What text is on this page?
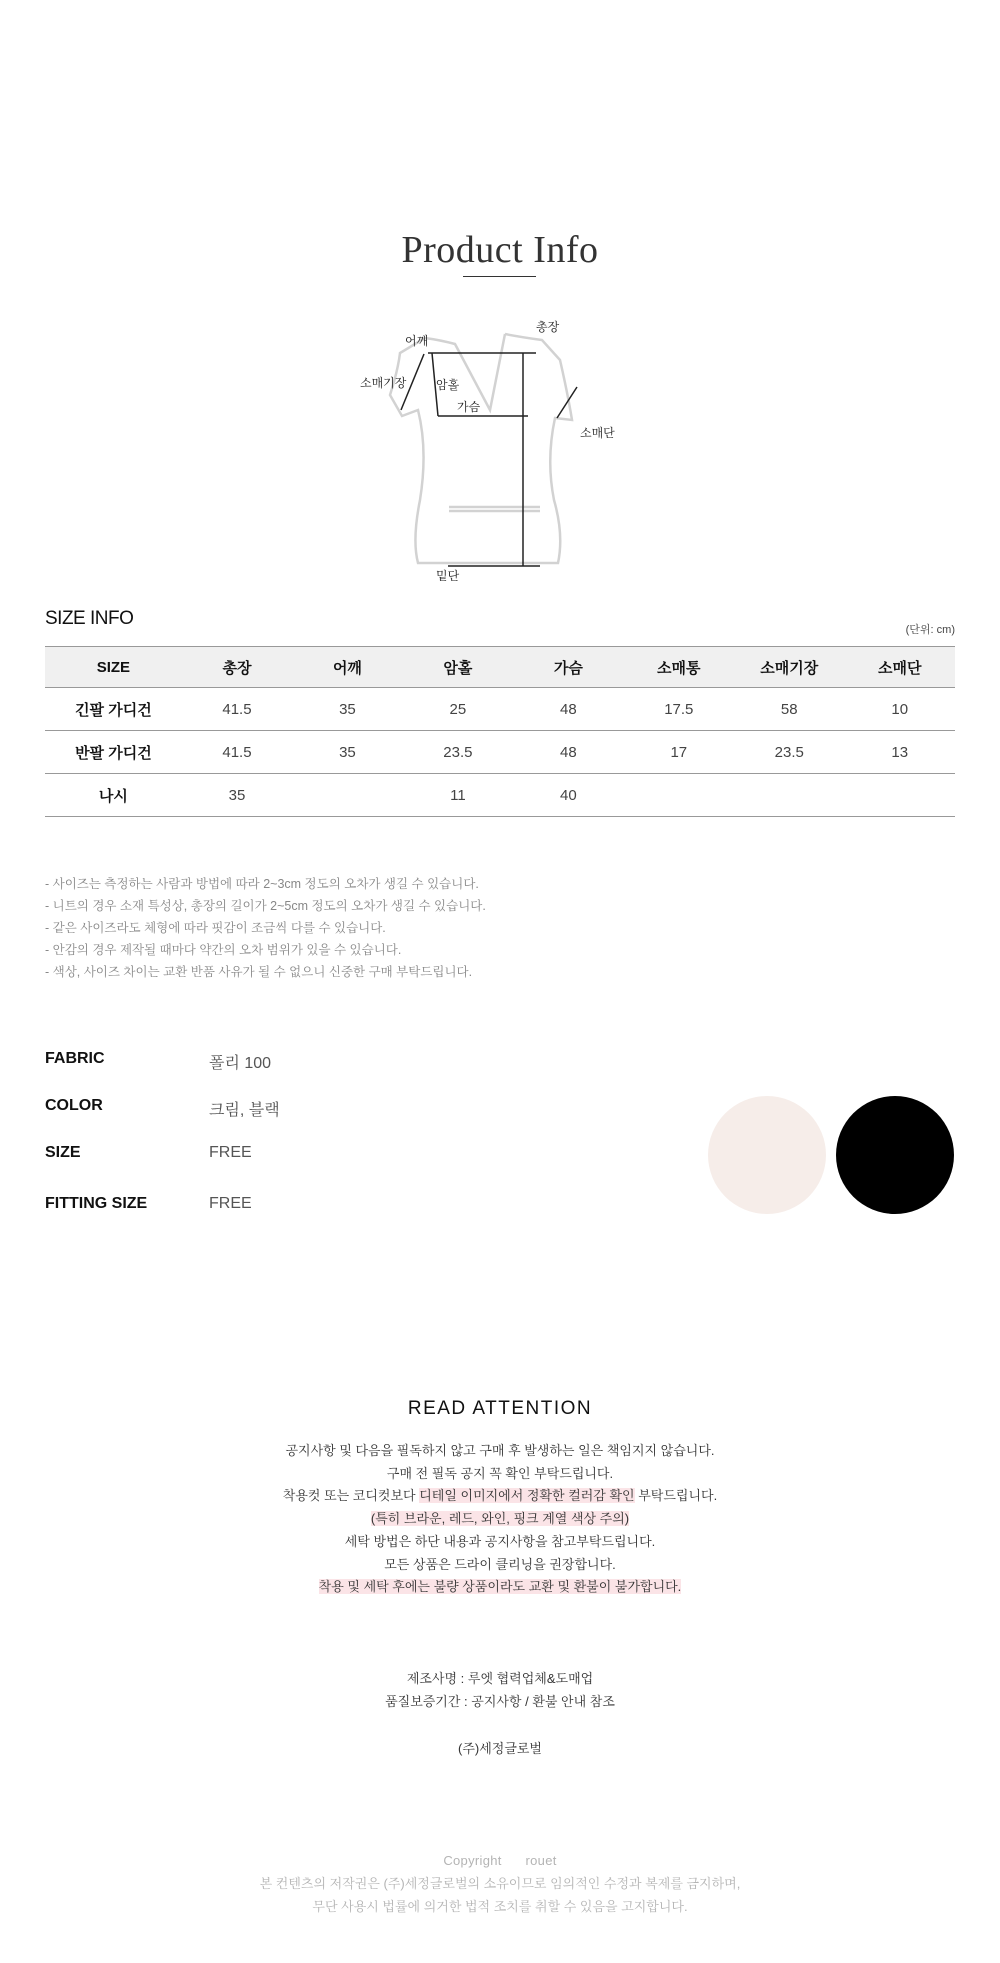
Product Info
어깨
총장
소매기장 암홀
가슴
소매단
밑단
SIZE INFO
(단위: cm)
SIZE	총장	어깨	암홀	가슴	소매통	소매기장	소매단
긴팔 가디건	41.5	35	25	48	17.5	58	10
반팔 가디건	41.5	35	23.5	48	17	23.5	13
나시	35		11	40			
- 사이즈는 측정하는 사람과 방법에 따라 2~3cm 정도의 오차가 생길 수 있습니다.
- 니트의 경우 소재 특성상, 총장의 길이가 2~5cm 정도의 오차가 생길 수 있습니다.
- 같은 사이즈라도 체형에 따라 핏감이 조금씩 다를 수 있습니다.
- 안감의 경우 제작될 때마다 약간의 오차 범위가 있을 수 있습니다.
- 색상, 사이즈 차이는 교환 반품 사유가 될 수 없으니 신중한 구매 부탁드립니다.
FABRIC	폴리 100
COLOR	크림, 블랙
SIZE	FREE
FITTING SIZE	FREE
READ ATTENTION
공지사항 및 다음을 필독하지 않고 구매 후 발생하는 일은 책임지지 않습니다.
구매 전 필독 공지 꼭 확인 부탁드립니다.
착용컷 또는 코디컷보다 디테일 이미지에서 정확한 컬러감 확인 부탁드립니다.
(특히 브라운, 레드, 와인, 핑크 계열 색상 주의)
세탁 방법은 하단 내용과 공지사항을 참고부탁드립니다.
모든 상품은 드라이 클리닝을 권장합니다.
착용 및 세탁 후에는 불량 상품이라도 교환 및 환불이 불가합니다.
제조사명 : 루엣 협력업체&도매업
품질보증기간 : 공지사항 / 환불 안내 참조
(주)세정글로벌
Copyright rouet
본 컨텐츠의 저작권은 (주)세정글로벌의 소유이므로 임의적인 수정과 복제를 금지하며,
무단 사용시 법률에 의거한 법적 조치를 취할 수 있음을 고지합니다.
